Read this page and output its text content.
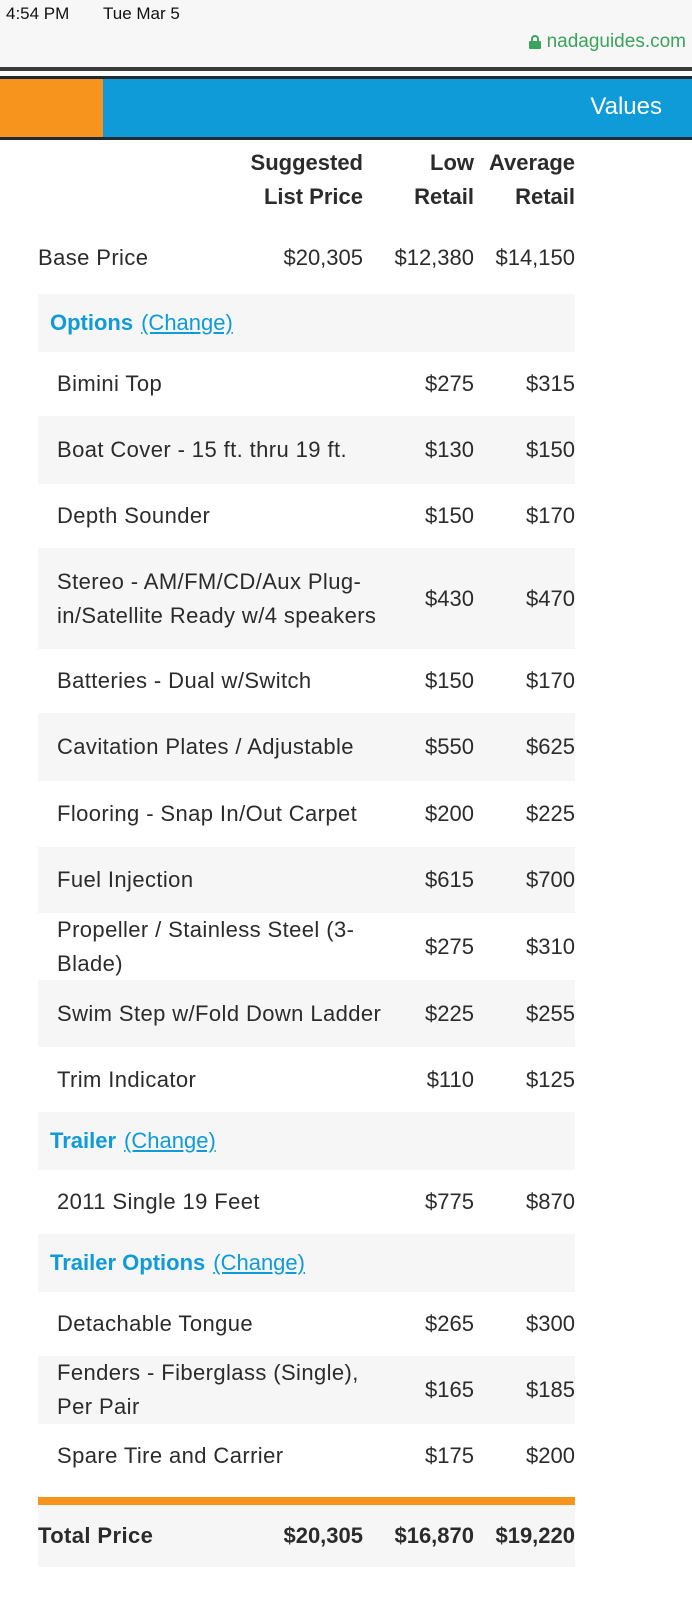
4:54 PM Tue Mar 5
nadaguides.com
Values
Suggested
List Price
Low
Retail
Average
Retail
Base Price	$20,305 $12,380 $14,150
Options (Change)
Bimini Top	$275 $315
Boat Cover - 15 ft. thru 19 ft.	$130 $150
Depth Sounder	$150 $170
Stereo - AM/FM/CD/Aux Plug-in/Satellite Ready w/4 speakers
$430 $470
Batteries - Dual w/Switch	$150 $170
Cavitation Plates / Adjustable	$550 $625
Flooring - Snap In/Out Carpet	$200 $225
Fuel Injection	$615 $700
Propeller / Stainless Steel (3-Blade)
$275 $310
Swim Step w/Fold Down Ladder $225 $255
Trim Indicator	$110 $125
Trailer (Change)
2011 Single 19 Feet	$775 $870
Trailer Options (Change)
Detachable Tongue	$265 $300
Fenders - Fiberglass (Single), Per Pair
$165 $185
Spare Tire and Carrier	$175 $200
Total Price	$20,305 $16,870 $19,220
